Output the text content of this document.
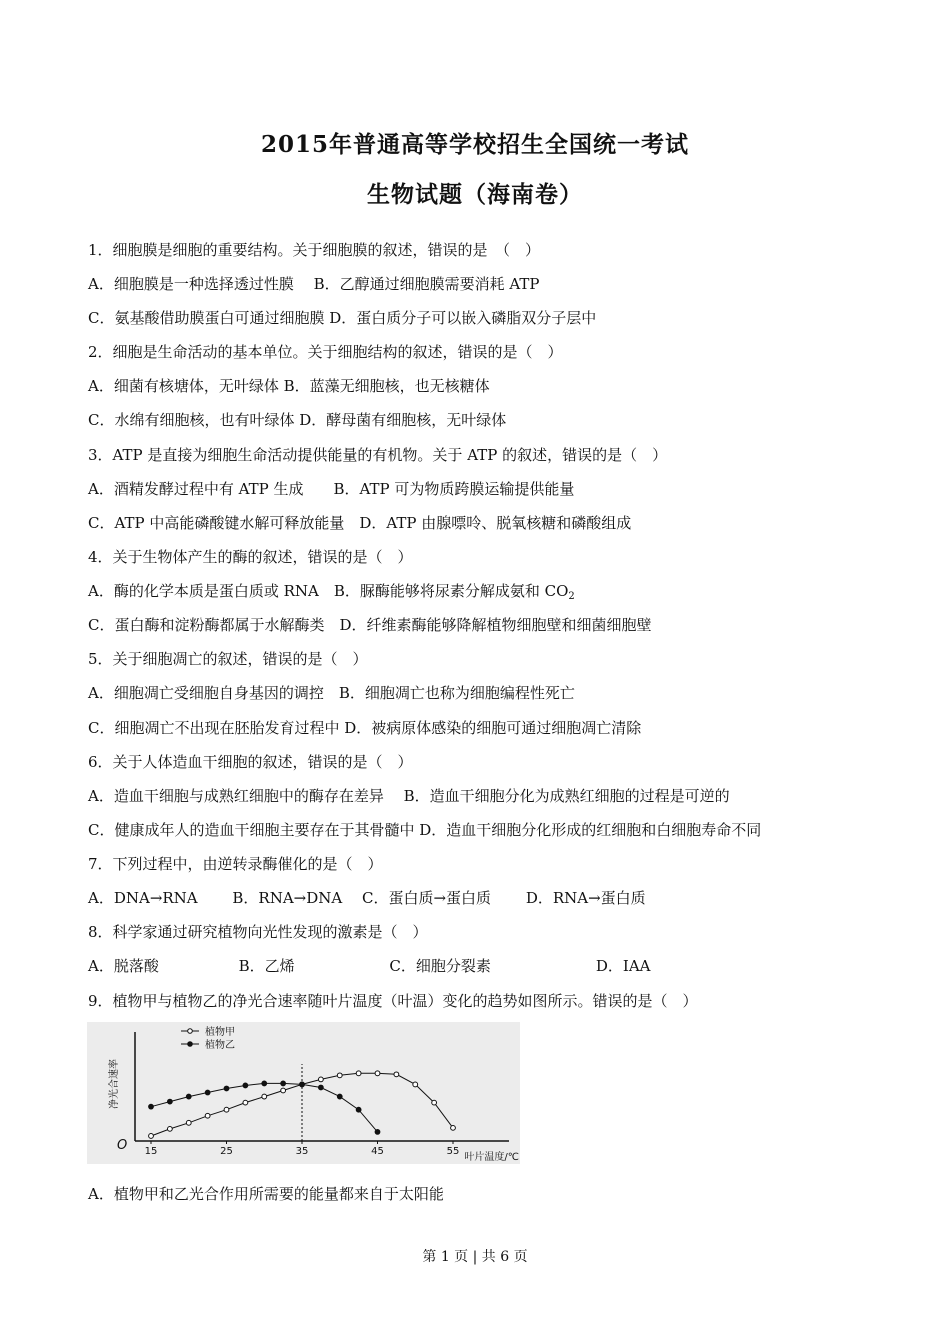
2015年普通高等学校招生全国统一考试
生物试题（海南卷）
1．细胞膜是细胞的重要结构。关于细胞膜的叙述，错误的是　（　）
A．细胞膜是一种选择透过性膜　 B．乙醇通过细胞膜需要消耗 ATP
C．氨基酸借助膜蛋白可通过细胞膜 D．蛋白质分子可以嵌入磷脂双分子层中
2．细胞是生命活动的基本单位。关于细胞结构的叙述，错误的是（　）
A．细菌有核塘体，无叶绿体 B．蓝藻无细胞核，也无核糖体
C．水绵有细胞核，也有叶绿体 D．酵母菌有细胞核，无叶绿体
3．ATP 是直接为细胞生命活动提供能量的有机物。关于 ATP 的叙述，错误的是（　）
A．酒精发酵过程中有 ATP 生成　　B．ATP 可为物质跨膜运输提供能量
C．ATP 中高能磷酸键水解可释放能量　D．ATP 由腺嘌呤、脱氧核糖和磷酸组成
4．关于生物体产生的酶的叙述，错误的是（　）
A．酶的化学本质是蛋白质或 RNA　B．脲酶能够将尿素分解成氨和 $CO_2$
C．蛋白酶和淀粉酶都属于水解酶类　D．纤维素酶能够降解植物细胞壁和细菌细胞壁
5．关于细胞凋亡的叙述，错误的是（　）
A．细胞凋亡受细胞自身基因的调控　B．细胞凋亡也称为细胞编程性死亡
C．细胞凋亡不出现在胚胎发育过程中 D．被病原体感染的细胞可通过细胞凋亡清除
6．关于人体造血干细胞的叙述，错误的是（　）
A．造血干细胞与成熟红细胞中的酶存在差异　 B．造血干细胞分化为成熟红细胞的过程是可逆的
C．健康成年人的造血干细胞主要存在于其骨髓中 D．造血干细胞分化形成的红细胞和白细胞寿命不同
7．下列过程中，由逆转录酶催化的是（　）
A．DNA→RNA　　 B．RNA→DNA　 C．蛋白质→蛋白质　　 D．RNA→蛋白质
8．科学家通过研究植物向光性发现的激素是（　）
A．脱落酸　　　　　 B．乙烯　　　　　　 C．细胞分裂素　　　　　　　D．IAA
9．植物甲与植物乙的净光合速率随叶片温度（叶温）变化的趋势如图所示。错误的是（　）
O 15	25	35	45	55
净光合速率
叶片温度/℃
植物甲
植物乙
A．植物甲和乙光合作用所需要的能量都来自于太阳能
第 1 页 | 共 6 页
